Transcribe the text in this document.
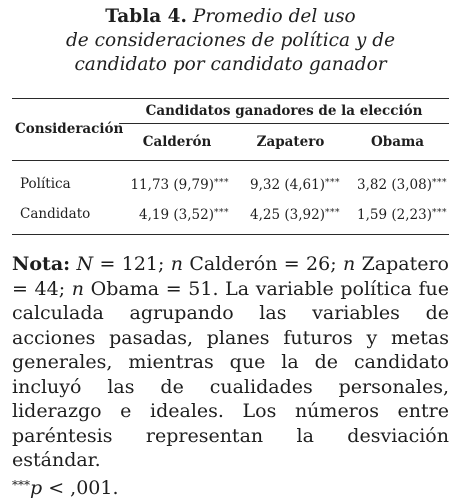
Tabla 4. Promedio del uso
de consideraciones de política y de
candidato por candidato ganador
Consideración	Candidatos ganadores de la elección		
	Calderón	Zapatero	Obama
Política	11,73 (9,79)***	9,32 (4,61)***	3,82 (3,08)***
Candidato	4,19 (3,52)***	4,25 (3,92)***	1,59 (2,23)***
Nota: N = 121; n Calderón = 26; n Zapatero = 44; n Obama = 51. La variable política fue calculada agrupando las variables de acciones pasadas, planes futuros y metas generales, mientras que la de candidato incluyó las de cualidades personales, liderazgo e ideales. Los números entre paréntesis representan la desviación estándar.
***p < ,001.
